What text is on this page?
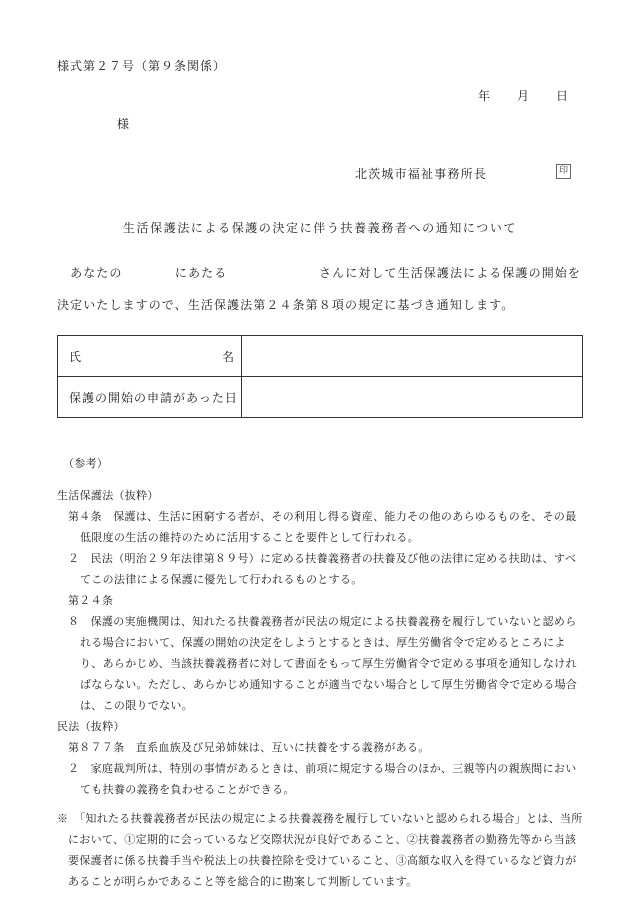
様式第２７号（第９条関係）
年　　月　　日
様
北茨城市福祉事務所長	印
生活保護法による保護の決定に伴う扶養義務者への通知について
　あなたの　　　　にあたる　　　　　　　さんに対して生活保護法による保護の開始を決定いたしますので、生活保護法第２４条第８項の規定に基づき通知します。
氏 名	

保護の開始の申請があった日	

（参考）
生活保護法（抜粋）
第４条　保護は、生活に困窮する者が、その利用し得る資産、能力その他のあらゆるものを、その最低限度の生活の維持のために活用することを要件として行われる。
２　民法（明治２９年法律第８９号）に定める扶養義務者の扶養及び他の法律に定める扶助は、すべてこの法律による保護に優先して行われるものとする。
第２４条
８　保護の実施機関は、知れたる扶養義務者が民法の規定による扶養義務を履行していないと認められる場合において、保護の開始の決定をしようとするときは、厚生労働省令で定めるところにより、あらかじめ、当該扶養義務者に対して書面をもって厚生労働省令で定める事項を通知しなければならない。ただし、あらかじめ通知することが適当でない場合として厚生労働省令で定める場合は、この限りでない。
民法（抜粋）
第８７７条　直系血族及び兄弟姉妹は、互いに扶養をする義務がある。
２　家庭裁判所は、特別の事情があるときは、前項に規定する場合のほか、三親等内の親族間においても扶養の義務を負わせることができる。
※　「知れたる扶養義務者が民法の規定による扶養義務を履行していないと認められる場合」とは、当所において、①定期的に会っているなど交際状況が良好であること、②扶養義務者の勤務先等から当該要保護者に係る扶養手当や税法上の扶養控除を受けていること、③高額な収入を得ているなど資力があることが明らかであること等を総合的に勘案して判断しています。
